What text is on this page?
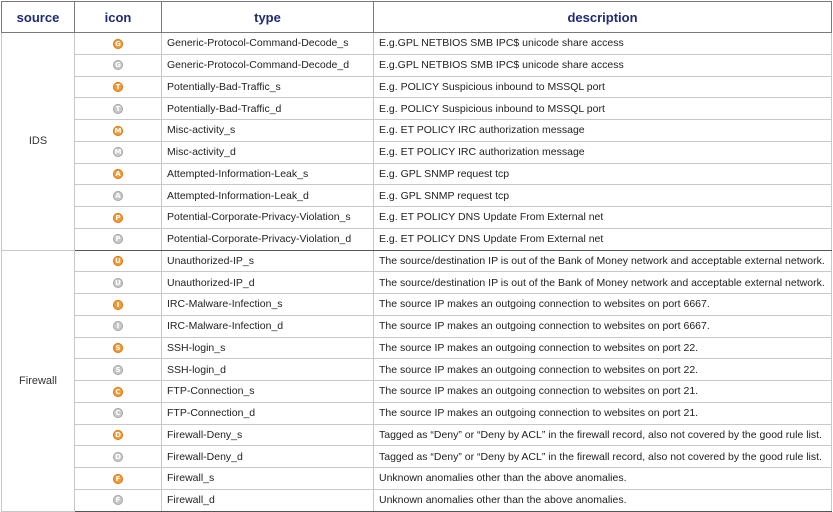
source	icon	type	description
IDS	G	Generic-Protocol-Command-Decode_s	E.g.GPL NETBIOS SMB IPC$ unicode share access
	G	Generic-Protocol-Command-Decode_d	E.g.GPL NETBIOS SMB IPC$ unicode share access
	T	Potentially-Bad-Traffic_s	E.g. POLICY Suspicious inbound to MSSQL port
	T	Potentially-Bad-Traffic_d	E.g. POLICY Suspicious inbound to MSSQL port
	M	Misc-activity_s	E.g. ET POLICY IRC authorization message
	M	Misc-activity_d	E.g. ET POLICY IRC authorization message
	A	Attempted-Information-Leak_s	E.g. GPL SNMP request tcp
	A	Attempted-Information-Leak_d	E.g. GPL SNMP request tcp
	P	Potential-Corporate-Privacy-Violation_s	E.g. ET POLICY DNS Update From External net
	P	Potential-Corporate-Privacy-Violation_d	E.g. ET POLICY DNS Update From External net
Firewall	U	Unauthorized-IP_s	The source/destination IP is out of the Bank of Money network and acceptable external network.
	U	Unauthorized-IP_d	The source/destination IP is out of the Bank of Money network and acceptable external network.
	I	IRC-Malware-Infection_s	The source IP makes an outgoing connection to websites on port 6667.
	I	IRC-Malware-Infection_d	The source IP makes an outgoing connection to websites on port 6667.
	S	SSH-login_s	The source IP makes an outgoing connection to websites on port 22.
	S	SSH-login_d	The source IP makes an outgoing connection to websites on port 22.
	C	FTP-Connection_s	The source IP makes an outgoing connection to websites on port 21.
	C	FTP-Connection_d	The source IP makes an outgoing connection to websites on port 21.
	D	Firewall-Deny_s	Tagged as “Deny” or “Deny by ACL” in the firewall record, also not covered by the good rule list.
	D	Firewall-Deny_d	Tagged as “Deny” or “Deny by ACL” in the firewall record, also not covered by the good rule list.
	F	Firewall_s	Unknown anomalies other than the above anomalies.
	F	Firewall_d	Unknown anomalies other than the above anomalies.
